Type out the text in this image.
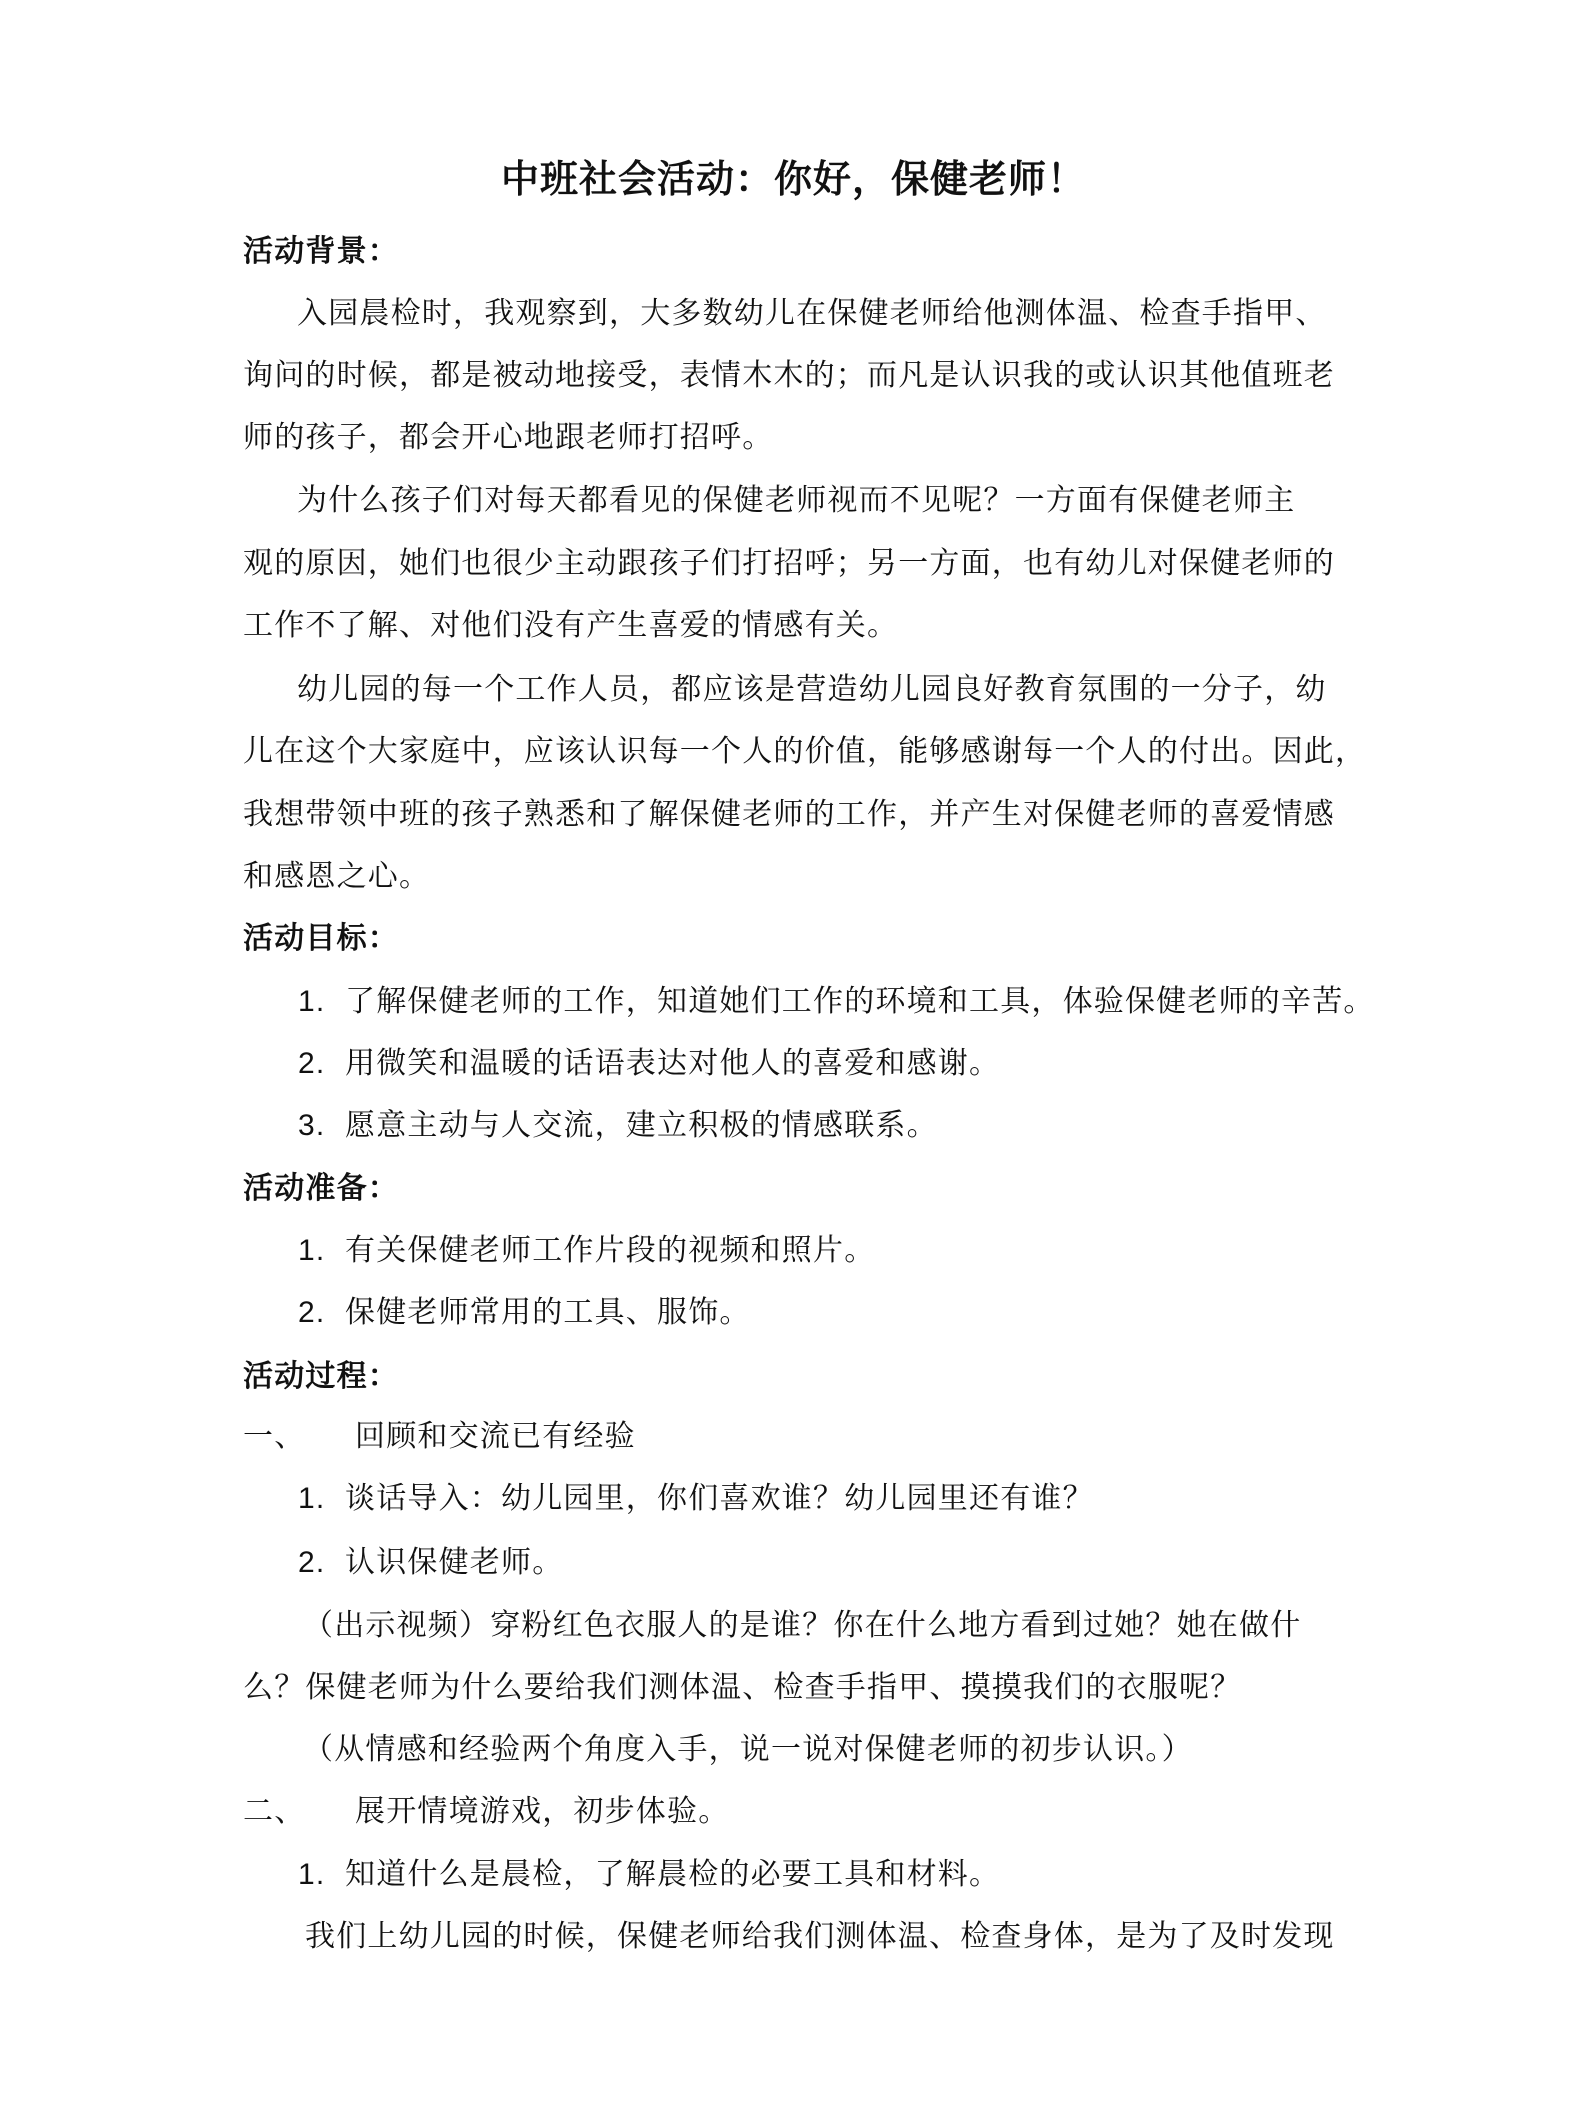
中班社会活动：你好，保健老师！
活动背景：
入园晨检时，我观察到，大多数幼儿在保健老师给他测体温、检查手指甲、
询问的时候，都是被动地接受，表情木木的；而凡是认识我的或认识其他值班老
师的孩子，都会开心地跟老师打招呼。
为什么孩子们对每天都看见的保健老师视而不见呢？一方面有保健老师主
观的原因，她们也很少主动跟孩子们打招呼；另一方面，也有幼儿对保健老师的
工作不了解、对他们没有产生喜爱的情感有关。
幼儿园的每一个工作人员，都应该是营造幼儿园良好教育氛围的一分子，幼
儿在这个大家庭中，应该认识每一个人的价值，能够感谢每一个人的付出。因此，
我想带领中班的孩子熟悉和了解保健老师的工作，并产生对保健老师的喜爱情感
和感恩之心。
活动目标：
1. 了解保健老师的工作，知道她们工作的环境和工具，体验保健老师的辛苦。
2. 用微笑和温暖的话语表达对他人的喜爱和感谢。
3. 愿意主动与人交流，建立积极的情感联系。
活动准备：
1. 有关保健老师工作片段的视频和照片。
2. 保健老师常用的工具、服饰。
活动过程：
一、 回顾和交流已有经验
1. 谈话导入：幼儿园里，你们喜欢谁？幼儿园里还有谁？
2. 认识保健老师。
（出示视频）穿粉红色衣服人的是谁？你在什么地方看到过她？她在做什
么？保健老师为什么要给我们测体温、检查手指甲、摸摸我们的衣服呢？
（从情感和经验两个角度入手，说一说对保健老师的初步认识。）
二、 展开情境游戏，初步体验。
1. 知道什么是晨检，了解晨检的必要工具和材料。
我们上幼儿园的时候，保健老师给我们测体温、检查身体，是为了及时发现
